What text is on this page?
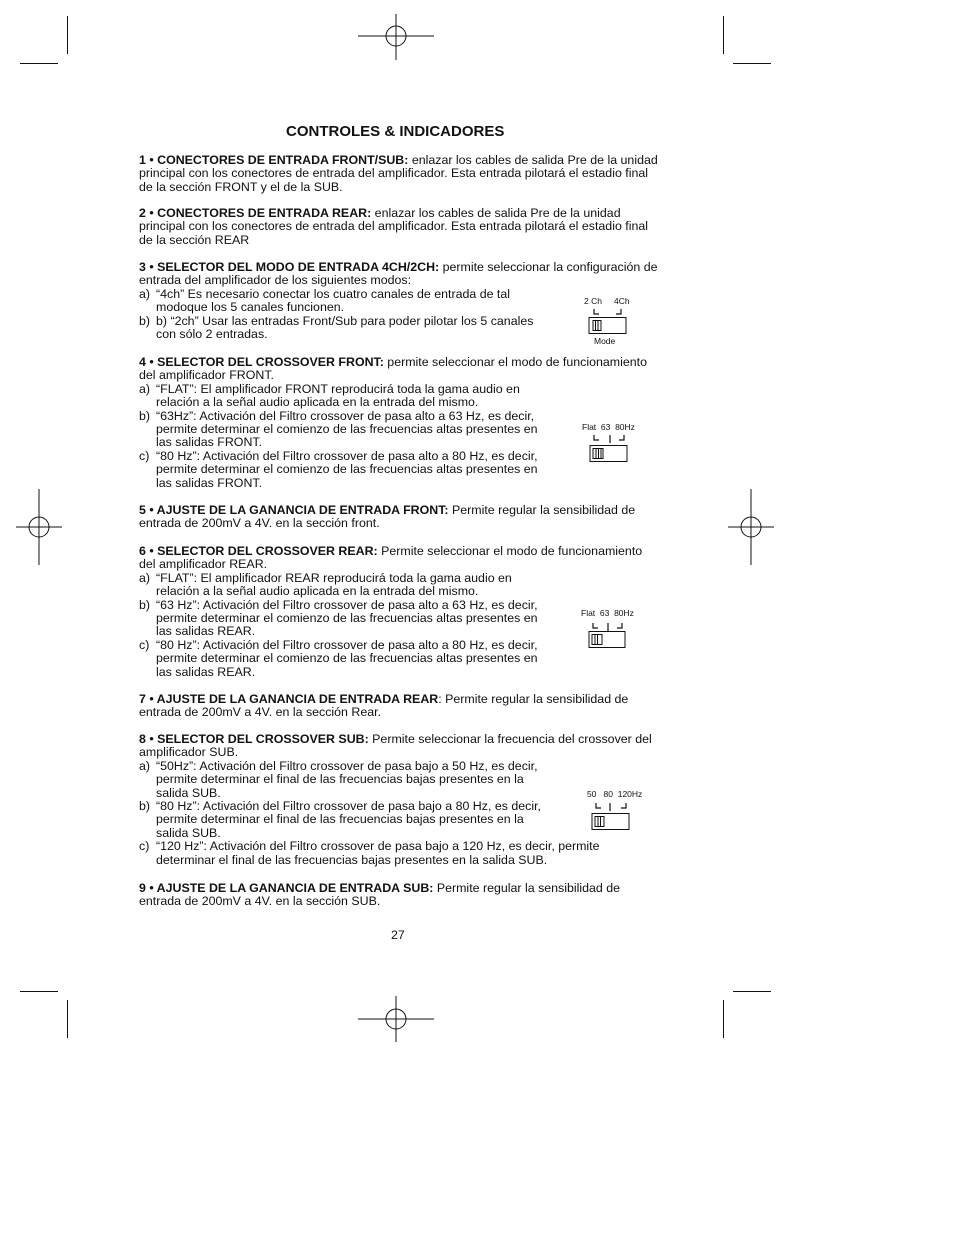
CONTROLES & INDICADORES

1 • CONECTORES DE ENTRADA FRONT/SUB: enlazar los cables de salida Pre de la unidad principal con los conectores de entrada del amplificador. Esta entrada pilotará el estadio final de la sección FRONT y el de la SUB.

2 • CONECTORES DE ENTRADA REAR: enlazar los cables de salida Pre de la unidad principal con los conectores de entrada del amplificador. Esta entrada pilotará el estadio final de la sección REAR

3 • SELECTOR DEL MODO DE ENTRADA 4CH/2CH: permite seleccionar la configuración de entrada del amplificador de los siguientes modos:

a) “4ch” Es necesario conectar los cuatro canales de entrada de tal modoque los 5 canales funcionen.
b) b) “2ch” Usar las entradas Front/Sub para poder pilotar los 5 canales con sólo 2 entradas.

4 • SELECTOR DEL CROSSOVER FRONT: permite seleccionar el modo de funcionamiento del amplificador FRONT.

a) “FLAT”: El amplificador FRONT reproducirá toda la gama audio en relación a la señal audio aplicada en la entrada del mismo.
b) “63Hz”: Activación del Filtro crossover de pasa alto a 63 Hz, es decir, permite determinar el comienzo de las frecuencias altas presentes en las salidas FRONT.
c) “80 Hz”: Activación del Filtro crossover de pasa alto a 80 Hz, es decir, permite determinar el comienzo de las frecuencias altas presentes en las salidas FRONT.

5 • AJUSTE DE LA GANANCIA DE ENTRADA FRONT: Permite regular la sensibilidad de entrada de 200mV a 4V. en la sección front.

6 • SELECTOR DEL CROSSOVER REAR: Permite seleccionar el modo de funcionamiento del amplificador REAR.

a) “FLAT”: El amplificador REAR reproducirá toda la gama audio en relación a la señal audio aplicada en la entrada del mismo.
b) “63 Hz”: Activación del Filtro crossover de pasa alto a 63 Hz, es decir, permite determinar el comienzo de las frecuencias altas presentes en las salidas REAR.
c) “80 Hz”: Activación del Filtro crossover de pasa alto a 80 Hz, es decir, permite determinar el comienzo de las frecuencias altas presentes en las salidas REAR.

7 • AJUSTE DE LA GANANCIA DE ENTRADA REAR: Permite regular la sensibilidad de entrada de 200mV a 4V. en la sección Rear.

8 • SELECTOR DEL CROSSOVER SUB: Permite seleccionar la frecuencia del crossover del amplificador SUB.

a) “50Hz”: Activación del Filtro crossover de pasa bajo a 50 Hz, es decir, permite determinar el final de las frecuencias bajas presentes en la salida SUB.
b) “80 Hz”: Activación del Filtro crossover de pasa bajo a 80 Hz, es decir, permite determinar el final de las frecuencias bajas presentes en la salida SUB.
c) “120 Hz”: Activación del Filtro crossover de pasa bajo a 120 Hz, es decir, permite determinar el final de las frecuencias bajas presentes en la salida SUB.

9 • AJUSTE DE LA GANANCIA DE ENTRADA SUB: Permite regular la sensibilidad de entrada de 200mV a 4V. en la sección SUB.

2 Ch 4Ch
Mode
Flat  63  80Hz
Flat  63  80Hz
50   80  120Hz
27
